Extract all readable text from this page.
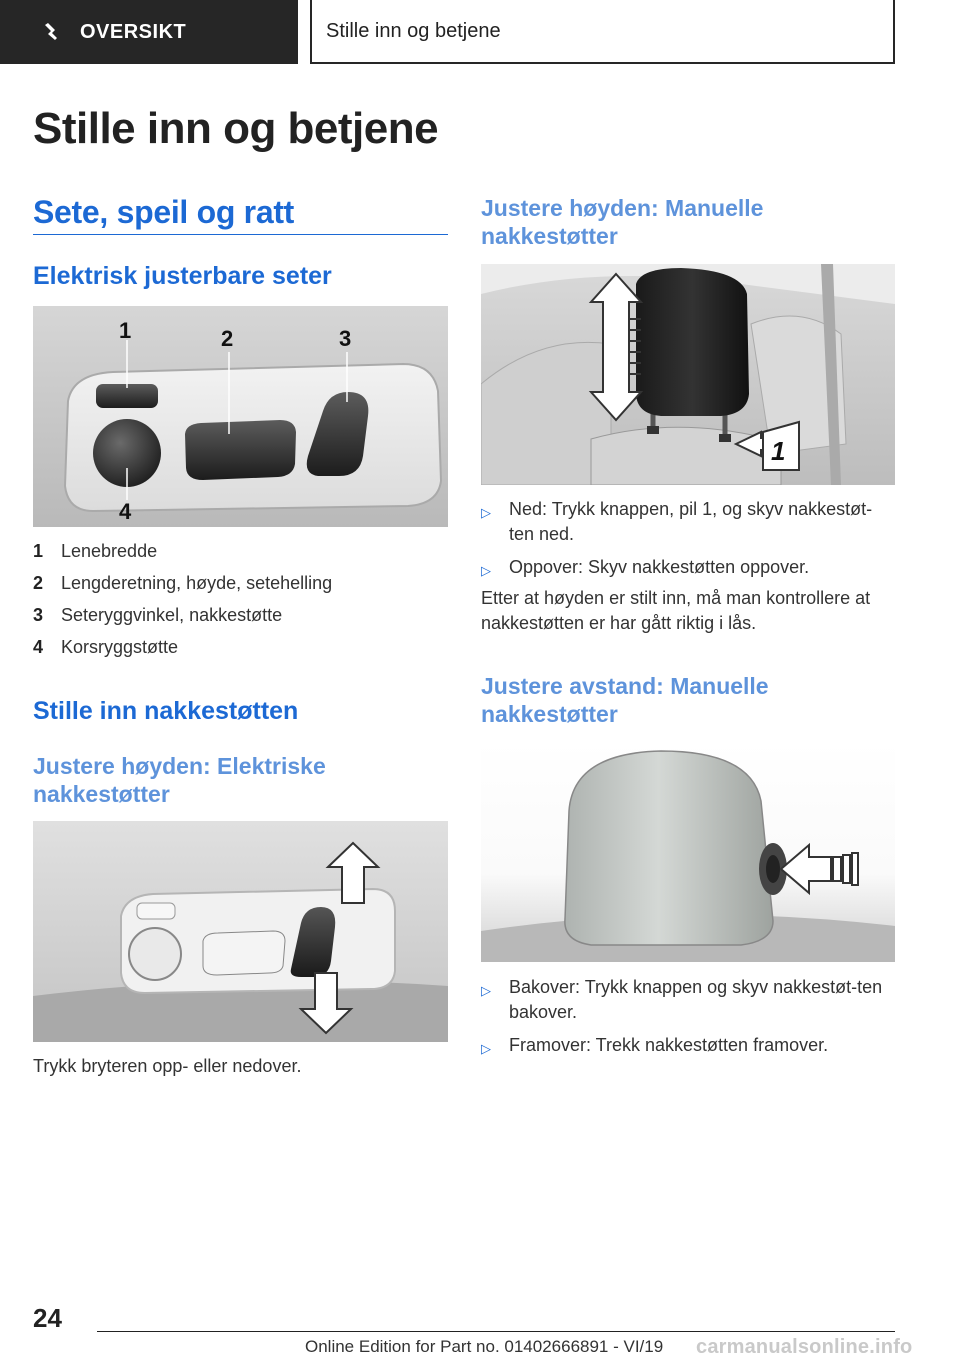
OVERSIKT	Stille inn og betjene
Stille inn og betjene
Sete, speil og ratt
Elektrisk justerbare seter
1	2	3
4
1 Lenebredde
2 Lengderetning, høyde, setehelling
3 Seteryggvinkel, nakkestøtte
4 Korsryggstøtte
Stille inn nakkestøtten
Justere høyden: Elektriske nakkestøtter
Trykk bryteren opp- eller nedover.
Justere høyden: Manuelle nakkestøtter
1
▷	Ned: Trykk knappen, pil 1, og skyv nakkestøt-ten ned.
▷	Oppover: Skyv nakkestøtten oppover.
Etter at høyden er stilt inn, må man kontrollere at nakkestøtten er har gått riktig i lås.
Justere avstand: Manuelle nakkestøtter
▷	Bakover: Trykk knappen og skyv nakkestøt-ten bakover.
▷	Framover: Trekk nakkestøtten framover.
24
Online Edition for Part no. 01402666891 - VI/19 carmanualsonline.info
